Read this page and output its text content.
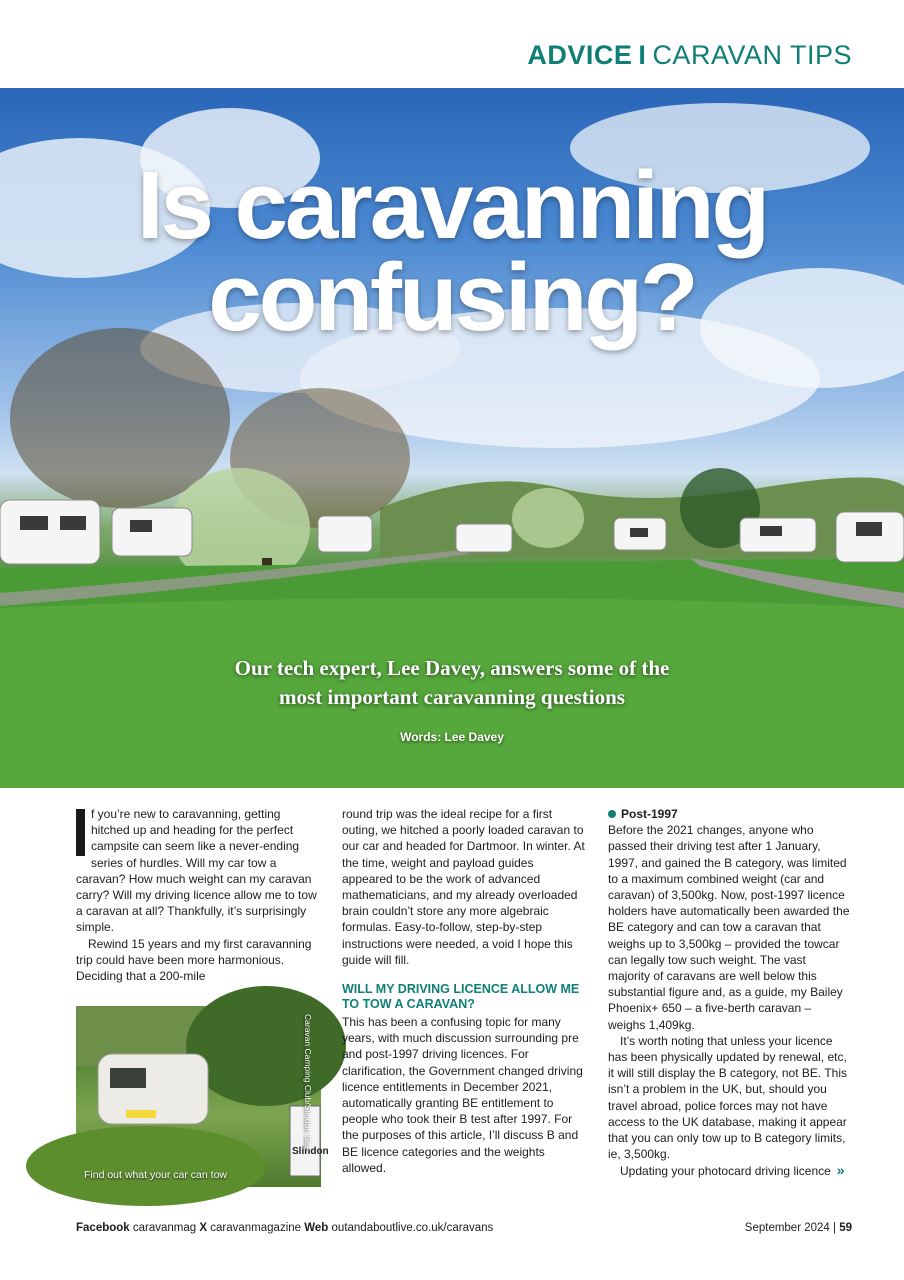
ADVICE I CARAVAN TIPS
Is caravanning
confusing?
Our tech expert, Lee Davey, answers some of the
most important caravanning questions
Words: Lee Davey

f you’re new to caravanning, getting hitched up and heading for the perfect campsite can seem like a never-ending series of hurdles. Will my car tow a caravan? How much weight can my caravan carry? Will my driving licence allow me to tow a caravan at all? Thankfully, it’s surprisingly simple.

Rewind 15 years and my first caravanning trip could have been more harmonious. Deciding that a 200-mile

Slindon
Find out what your car can tow
Caravan Camping Club/Slindon Site

round trip was the ideal recipe for a first outing, we hitched a poorly loaded caravan to our car and headed for Dartmoor. In winter. At the time, weight and payload guides appeared to be the work of advanced mathematicians, and my already overloaded brain couldn’t store any more algebraic formulas. Easy-to-follow, step-by-step instructions were needed, a void I hope this guide will fill.

WILL MY DRIVING LICENCE ALLOW ME TO TOW A CARAVAN?

This has been a confusing topic for many years, with much discussion surrounding pre and post-1997 driving licences. For clarification, the Government changed driving licence entitlements in December 2021, automatically granting BE entitlement to people who took their B test after 1997. For the purposes of this article, I’ll discuss B and BE licence categories and the weights allowed.

Post-1997

Before the 2021 changes, anyone who passed their driving test after 1 January, 1997, and gained the B category, was limited to a maximum combined weight (car and caravan) of 3,500kg. Now, post-1997 licence holders have automatically been awarded the BE category and can tow a caravan that weighs up to 3,500kg – provided the towcar can legally tow such weight. The vast majority of caravans are well below this substantial figure and, as a guide, my Bailey Phoenix+ 650 – a five-berth caravan – weighs 1,409kg.

It’s worth noting that unless your licence has been physically updated by renewal, etc, it will still display the B category, not BE. This isn’t a problem in the UK, but, should you travel abroad, police forces may not have access to the UK database, making it appear that you can only tow up to B category limits, ie, 3,500kg.

Updating your photocard driving licence »

Facebook caravanmag X caravanmagazine Web outandaboutlive.co.uk/caravans	September 2024 | 59
